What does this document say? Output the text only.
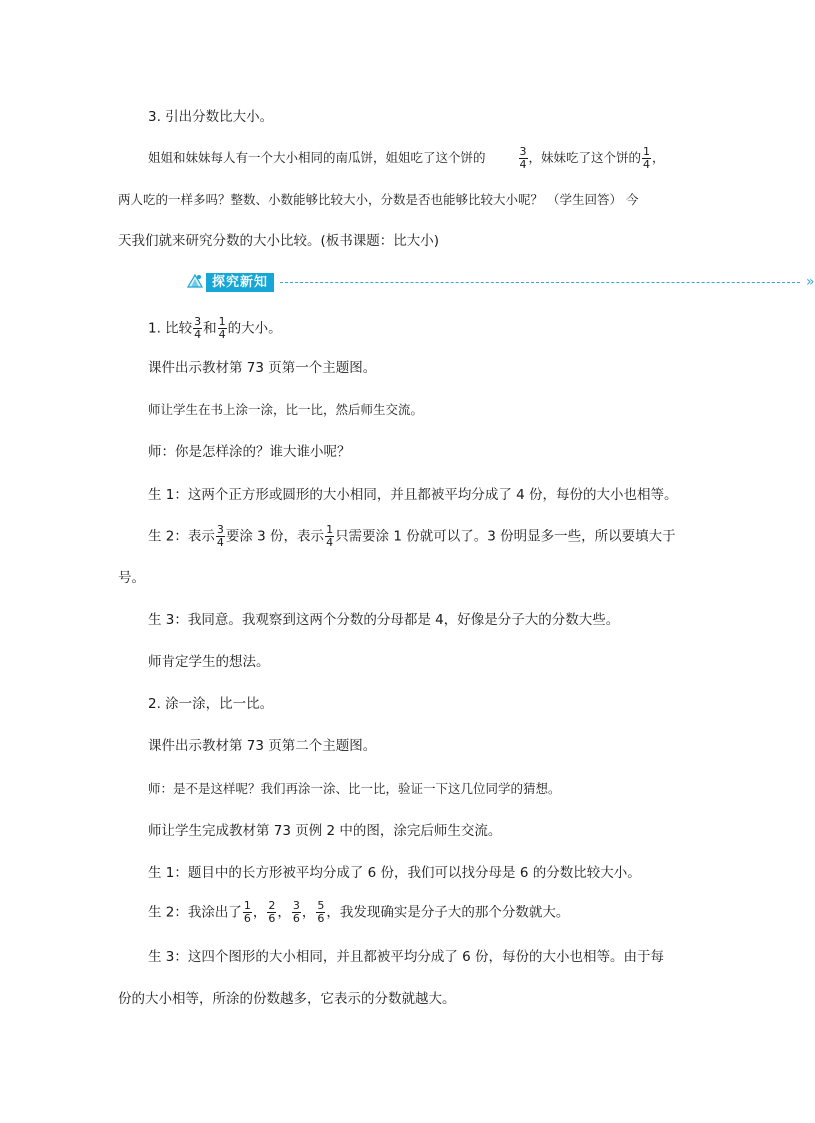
3. 引出分数比大小。
姐姐和妹妹每人有一个大小相同的南瓜饼，姐姐吃了这个饼的	$\frac{3}{4}$ ，妹妹吃了这个饼的 $\frac{1}{4}$ ，
两人吃的一样多吗？整数、小数能够比较大小，分数是否也能够比较大小呢？ （学生回答） 今
天我们就来研究分数的大小比较。(板书课题：比大小)
探究新知	»
1. 比较 $\frac{3}{4}$ 和 $\frac{1}{4}$ 的大小。
课件出示教材第 73 页第一个主题图。
师让学生在书上涂一涂，比一比，然后师生交流。
师：你是怎样涂的？谁大谁小呢？
生 1：这两个正方形或圆形的大小相同，并且都被平均分成了 4 份，每份的大小也相等。
生 2：表示 $\frac{3}{4}$ 要涂 3 份，表示 $\frac{1}{4}$ 只需要涂 1 份就可以了。3 份明显多一些，所以要填大于
号。
生 3：我同意。我观察到这两个分数的分母都是 4，好像是分子大的分数大些。
师肯定学生的想法。
2. 涂一涂，比一比。
课件出示教材第 73 页第二个主题图。
师：是不是这样呢？我们再涂一涂、比一比，验证一下这几位同学的猜想。
师让学生完成教材第 73 页例 2 中的图，涂完后师生交流。
生 1：题目中的长方形被平均分成了 6 份，我们可以找分母是 6 的分数比较大小。
生 2：我涂出了 $\frac{1}{6}$ ， $\frac{2}{6}$ ， $\frac{3}{6}$ ， $\frac{5}{6}$ ，我发现确实是分子大的那个分数就大。
生 3：这四个图形的大小相同，并且都被平均分成了 6 份，每份的大小也相等。由于每
份的大小相等，所涂的份数越多，它表示的分数就越大。
